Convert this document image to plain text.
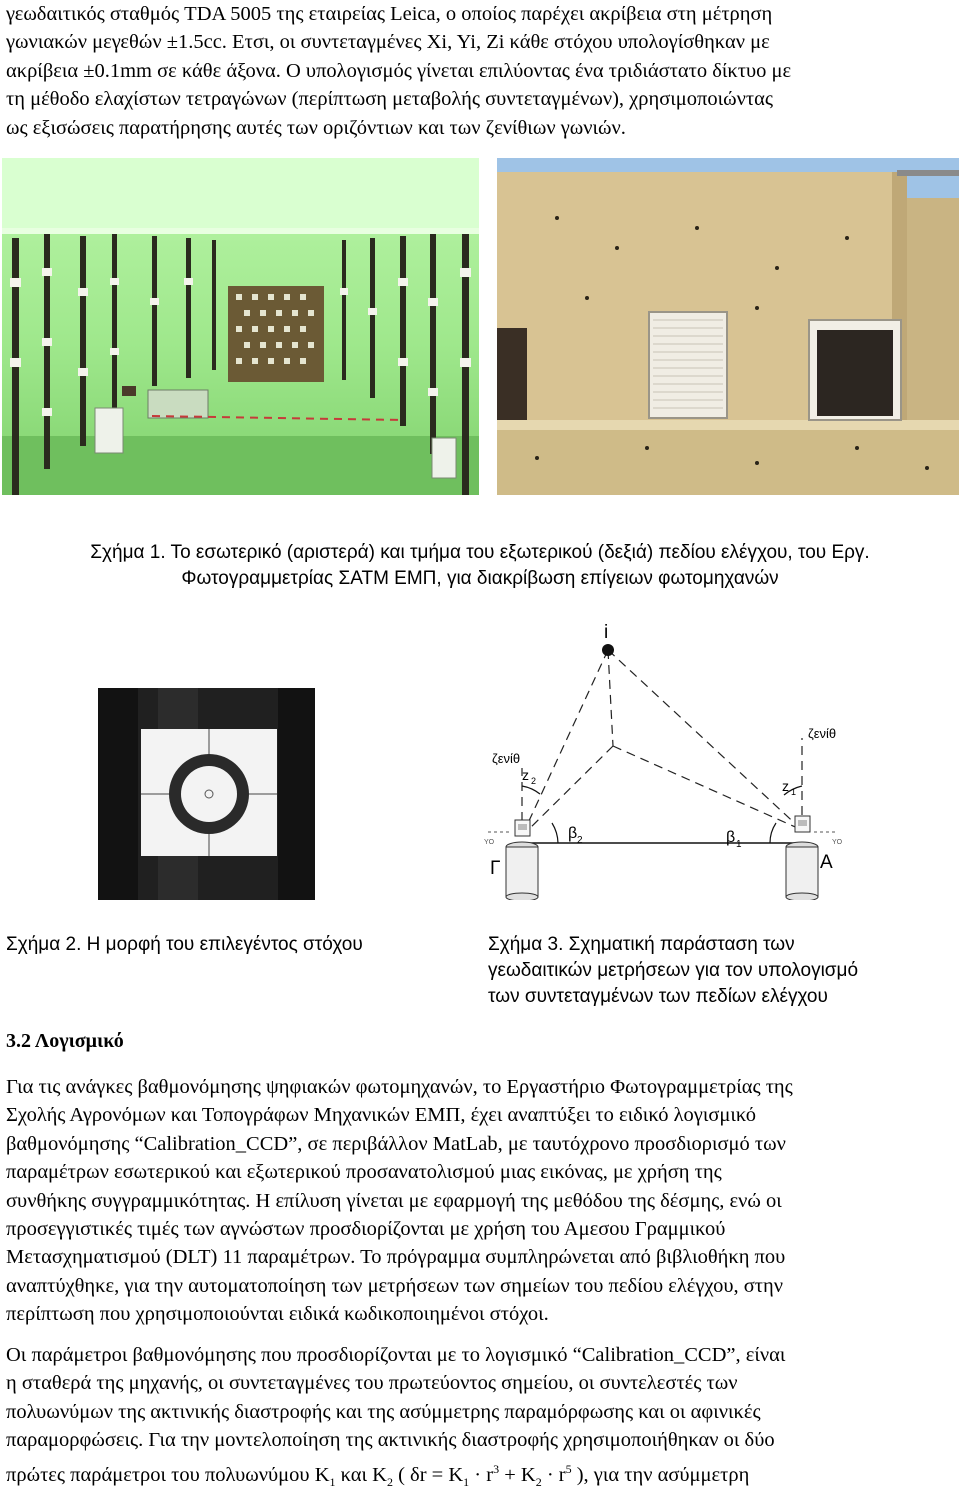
γεωδαιτικός σταθμός TDA 5005 της εταιρείας Leica, ο οποίος παρέχει ακρίβεια στη μέτρηση
γωνιακών μεγεθών ±1.5cc. Ετσι, οι συντεταγμένες Xi, Yi, Zi κάθε στόχου υπολογίσθηκαν με
ακρίβεια ±0.1mm σε κάθε άξονα. Ο υπολογισμός γίνεται επιλύοντας ένα τριδιάστατο δίκτυο με
τη μέθοδο ελαχίστων τετραγώνων (περίπτωση μεταβολής συντεταγμένων), χρησιμοποιώντας
ως εξισώσεις παρατήρησης αυτές των οριζόντιων και των ζενίθιων γωνιών.
Σχήμα 1. Το εσωτερικό (αριστερά) και τμήμα του εξωτερικού (δεξιά) πεδίου ελέγχου, του Εργ.
Φωτογραμμετρίας ΣΑΤΜ ΕΜΠ, για διακρίβωση επίγειων φωτομηχανών
i
ζενίθ
ζενίθ
z 2	z 1
β 2	β 1
Γ	Α
YO	YO
Σχήμα 2. Η μορφή του επιλεγέντος στόχου	Σχήμα 3. Σχηματική παράσταση των
γεωδαιτικών μετρήσεων για τον υπολογισμό
των συντεταγμένων των πεδίων ελέγχου
3.2 Λογισμικό
Για τις ανάγκες βαθμονόμησης ψηφιακών φωτομηχανών, το Εργαστήριο Φωτογραμμετρίας της
Σχολής Αγρονόμων και Τοπογράφων Μηχανικών ΕΜΠ, έχει αναπτύξει το ειδικό λογισμικό
βαθμονόμησης “Calibration_CCD”, σε περιβάλλον MatLab, με ταυτόχρονο προσδιορισμό των
παραμέτρων εσωτερικού και εξωτερικού προσανατολισμού μιας εικόνας, με χρήση της
συνθήκης συγγραμμικότητας. Η επίλυση γίνεται με εφαρμογή της μεθόδου της δέσμης, ενώ οι
προσεγγιστικές τιμές των αγνώστων προσδιορίζονται με χρήση του Αμεσου Γραμμικού
Μετασχηματισμού (DLT) 11 παραμέτρων. Το πρόγραμμα συμπληρώνεται από βιβλιοθήκη που
αναπτύχθηκε, για την αυτοματοποίηση των μετρήσεων των σημείων του πεδίου ελέγχου, στην
περίπτωση που χρησιμοποιούνται ειδικά κωδικοποιημένοι στόχοι.
Οι παράμετροι βαθμονόμησης που προσδιορίζονται με το λογισμικό “Calibration_CCD”, είναι
η σταθερά της μηχανής, οι συντεταγμένες του πρωτεύοντος σημείου, οι συντελεστές των
πολυωνύμων της ακτινικής διαστροφής και της ασύμμετρης παραμόρφωσης και οι αφινικές
παραμορφώσεις. Για την μοντελοποίηση της ακτινικής διαστροφής χρησιμοποιήθηκαν οι δύο
πρώτες παράμετροι του πολυωνύμου $K_1$ και $K_2$ ( $\delta r = K_1 \cdot r^3 + K_2 \cdot r^5$ ), για την ασύμμετρη
